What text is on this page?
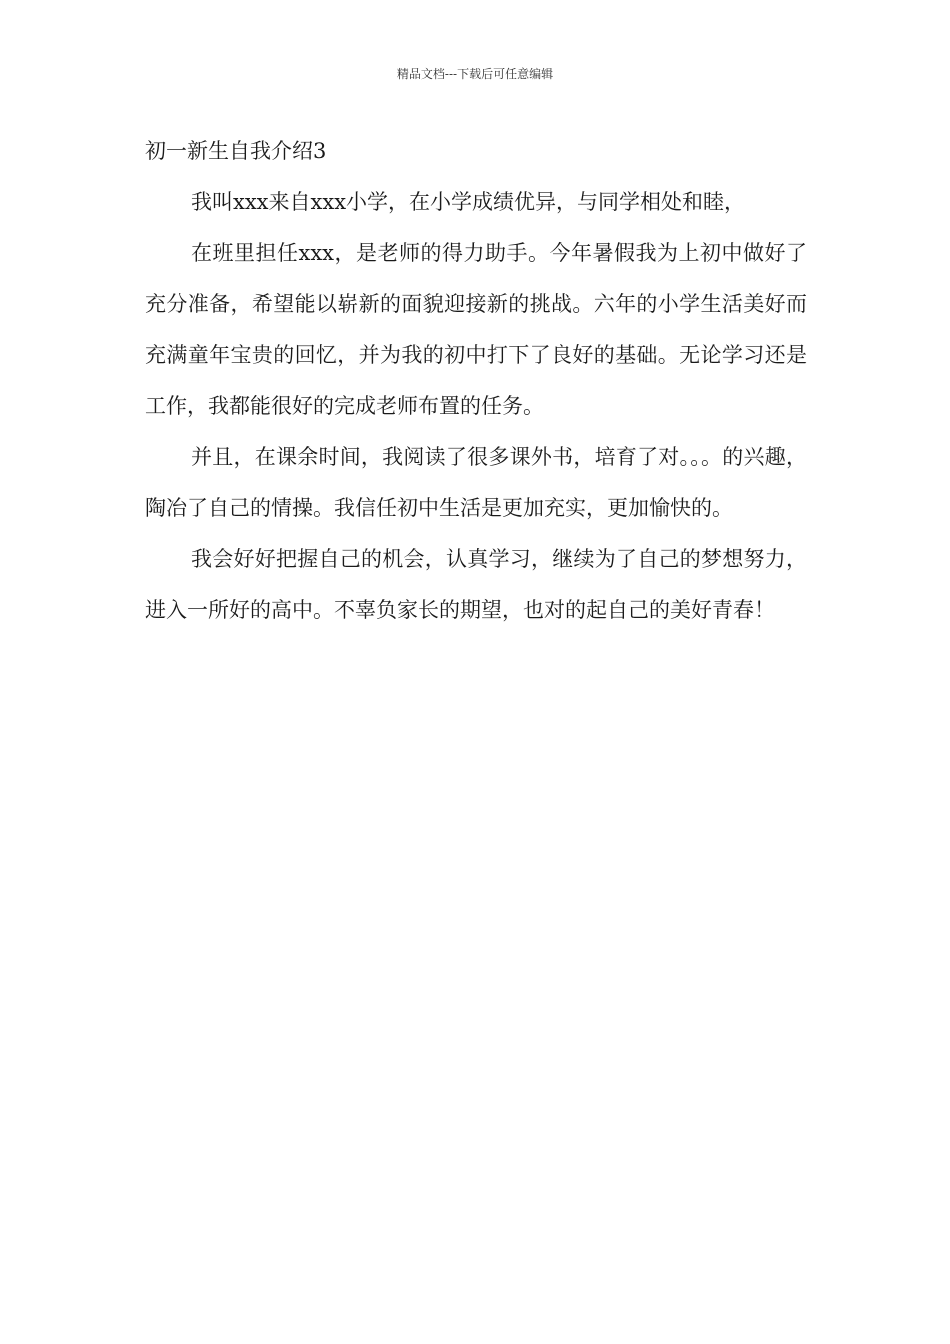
精品文档---下载后可任意编辑
初一新生自我介绍3

我叫xxx来自xxx小学，在小学成绩优异，与同学相处和睦，

在班里担任xxx，是老师的得力助手。今年暑假我为上初中做好了充分准备，希望能以崭新的面貌迎接新的挑战。六年的小学生活美好而充满童年宝贵的回忆，并为我的初中打下了良好的基础。无论学习还是工作，我都能很好的完成老师布置的任务。

并且，在课余时间，我阅读了很多课外书，培育了对。。。的兴趣，陶冶了自己的情操。我信任初中生活是更加充实，更加愉快的。

我会好好把握自己的机会，认真学习，继续为了自己的梦想努力，进入一所好的高中。不辜负家长的期望，也对的起自己的美好青春！
